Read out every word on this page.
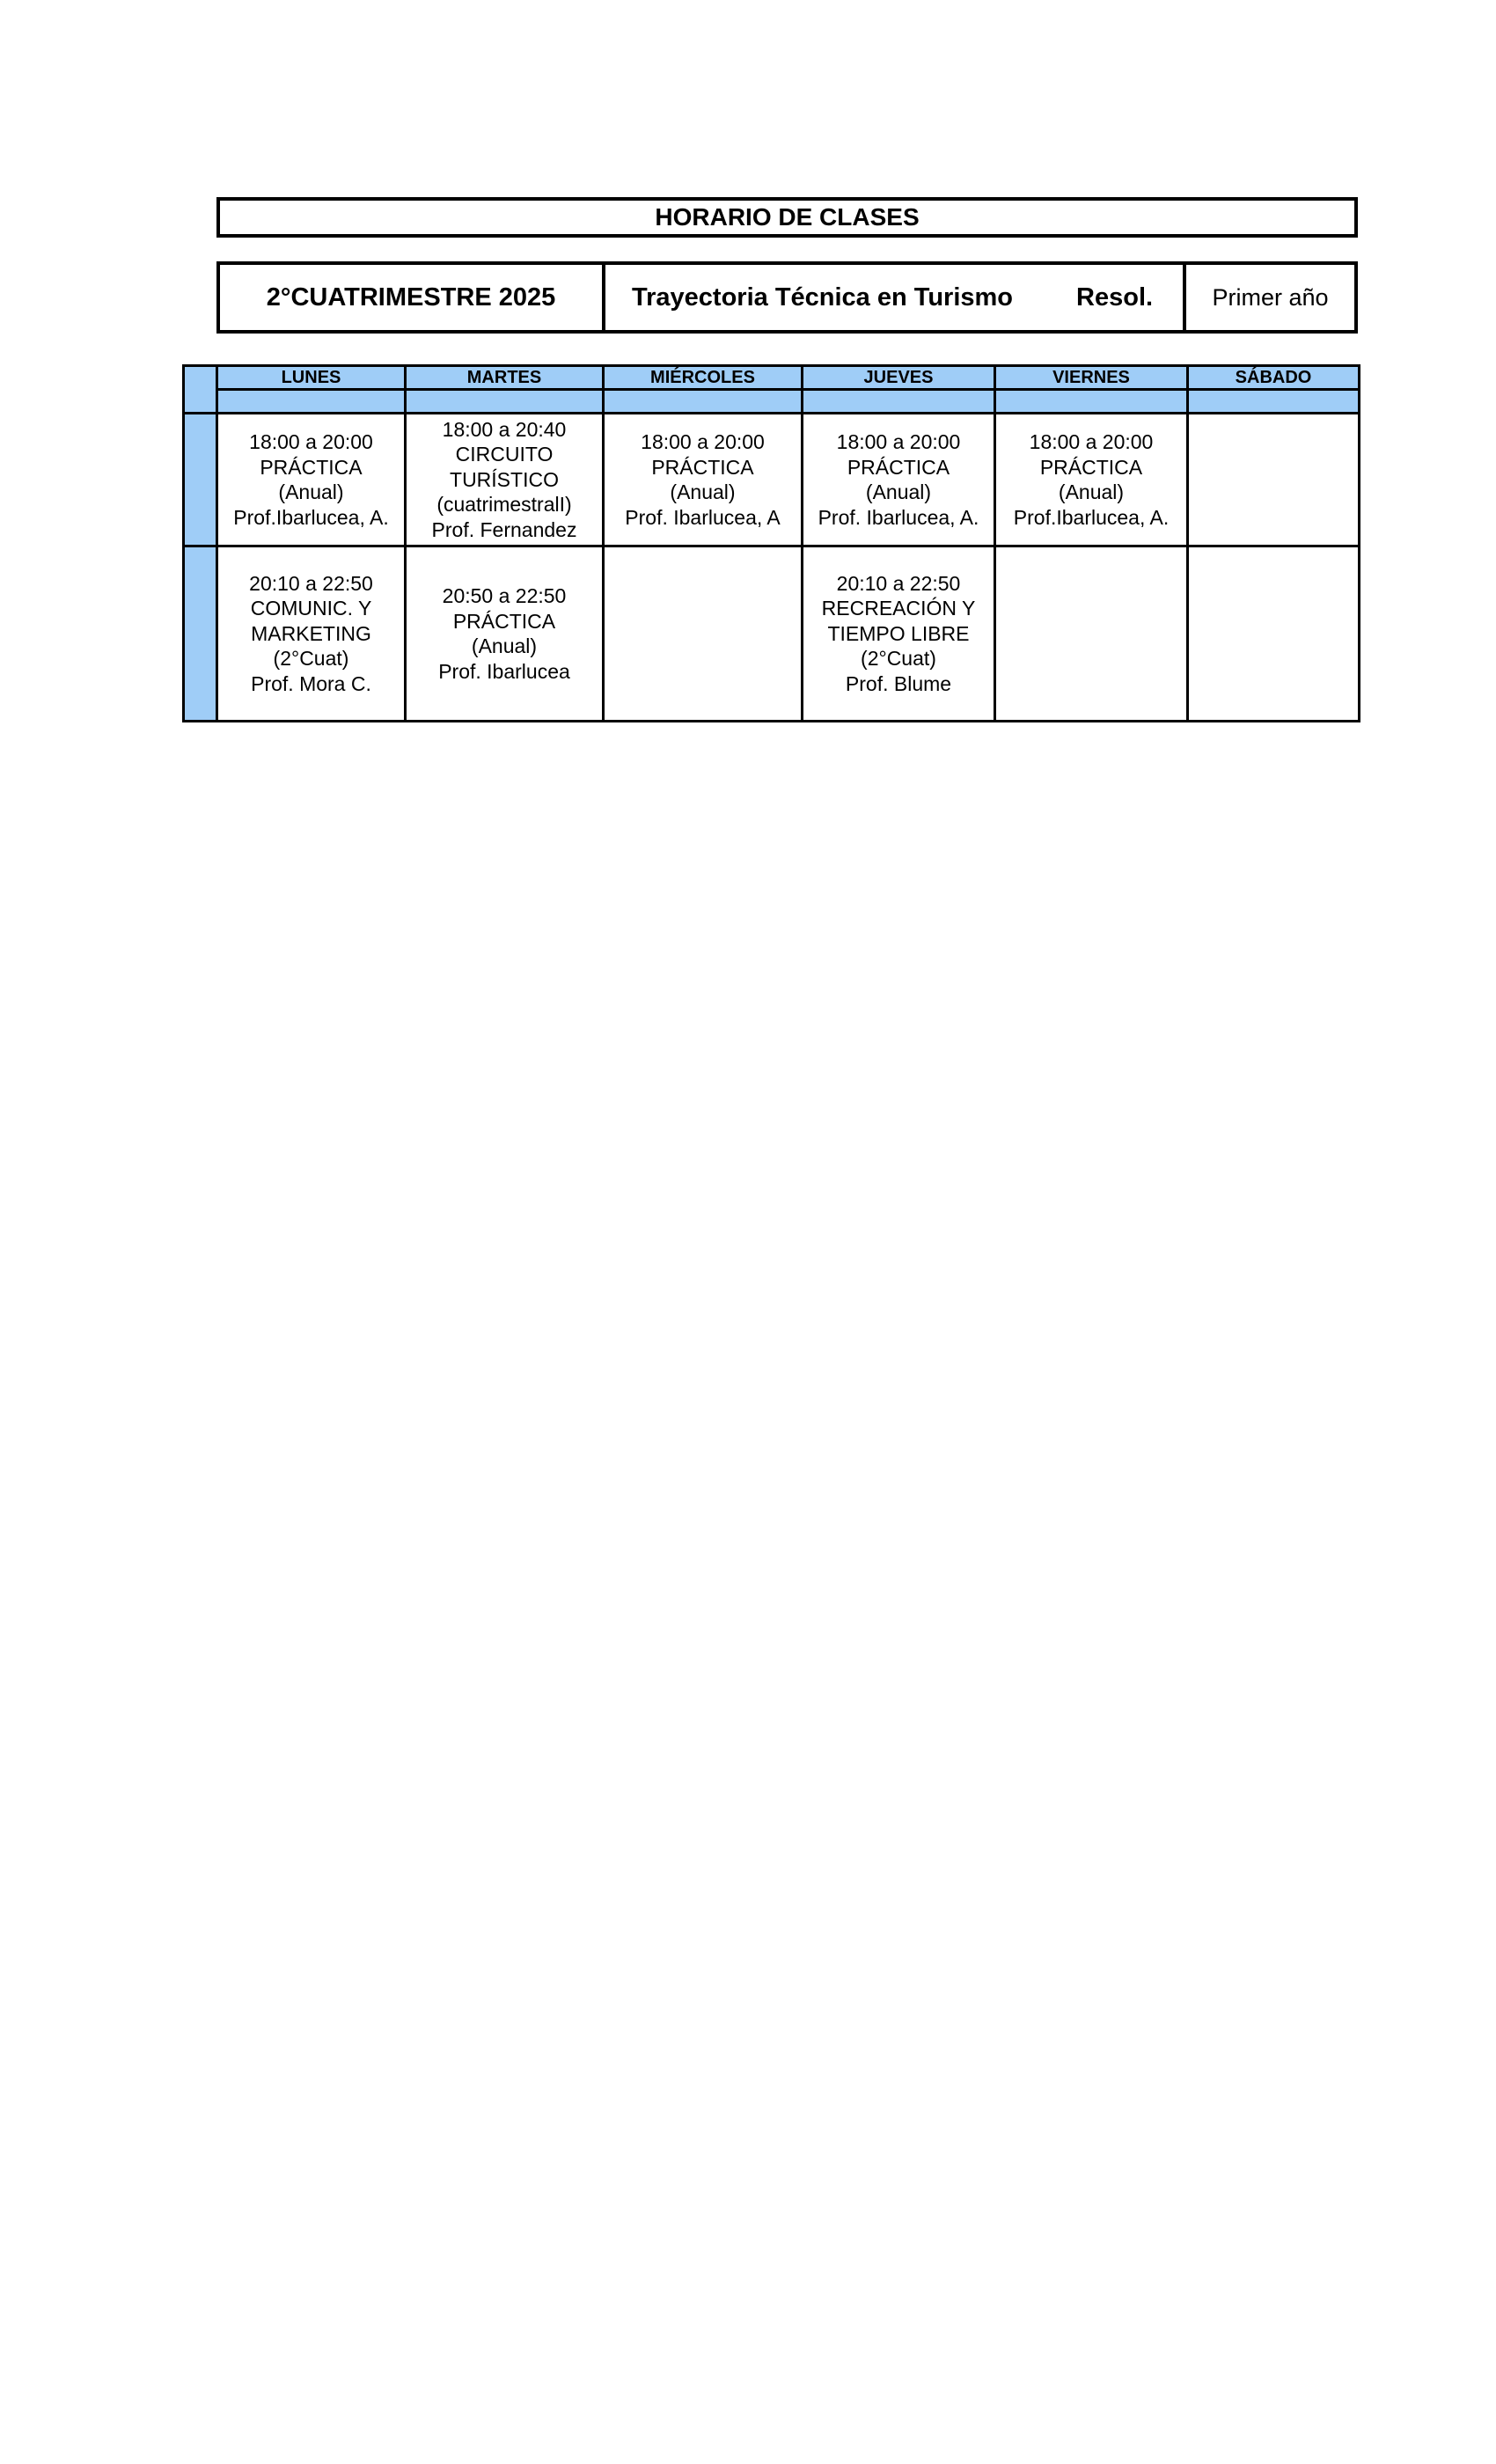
HORARIO DE CLASES
2°CUATRIMESTRE 2025	Trayectoria Técnica en Turismo Resol.	Primer año
	LUNES	MARTES	MIÉRCOLES	JUEVES	VIERNES	SÁBADO

	18:00 a 20:00
PRÁCTICA
(Anual)
Prof.Ibarlucea, A.	18:00 a 20:40
CIRCUITO
TURÍSTICO
(cuatrimestralI)
Prof. Fernandez	18:00 a 20:00
PRÁCTICA
(Anual)
Prof. Ibarlucea, A	18:00 a 20:00
PRÁCTICA
(Anual)
Prof. Ibarlucea, A.	18:00 a 20:00
PRÁCTICA
(Anual)
Prof.Ibarlucea, A.	

	20:10 a 22:50
COMUNIC. Y
MARKETING
(2°Cuat)
Prof. Mora C.	20:50 a 22:50
PRÁCTICA
(Anual)
Prof. Ibarlucea		20:10 a 22:50
RECREACIÓN Y
TIEMPO LIBRE
(2°Cuat)
Prof. Blume		
